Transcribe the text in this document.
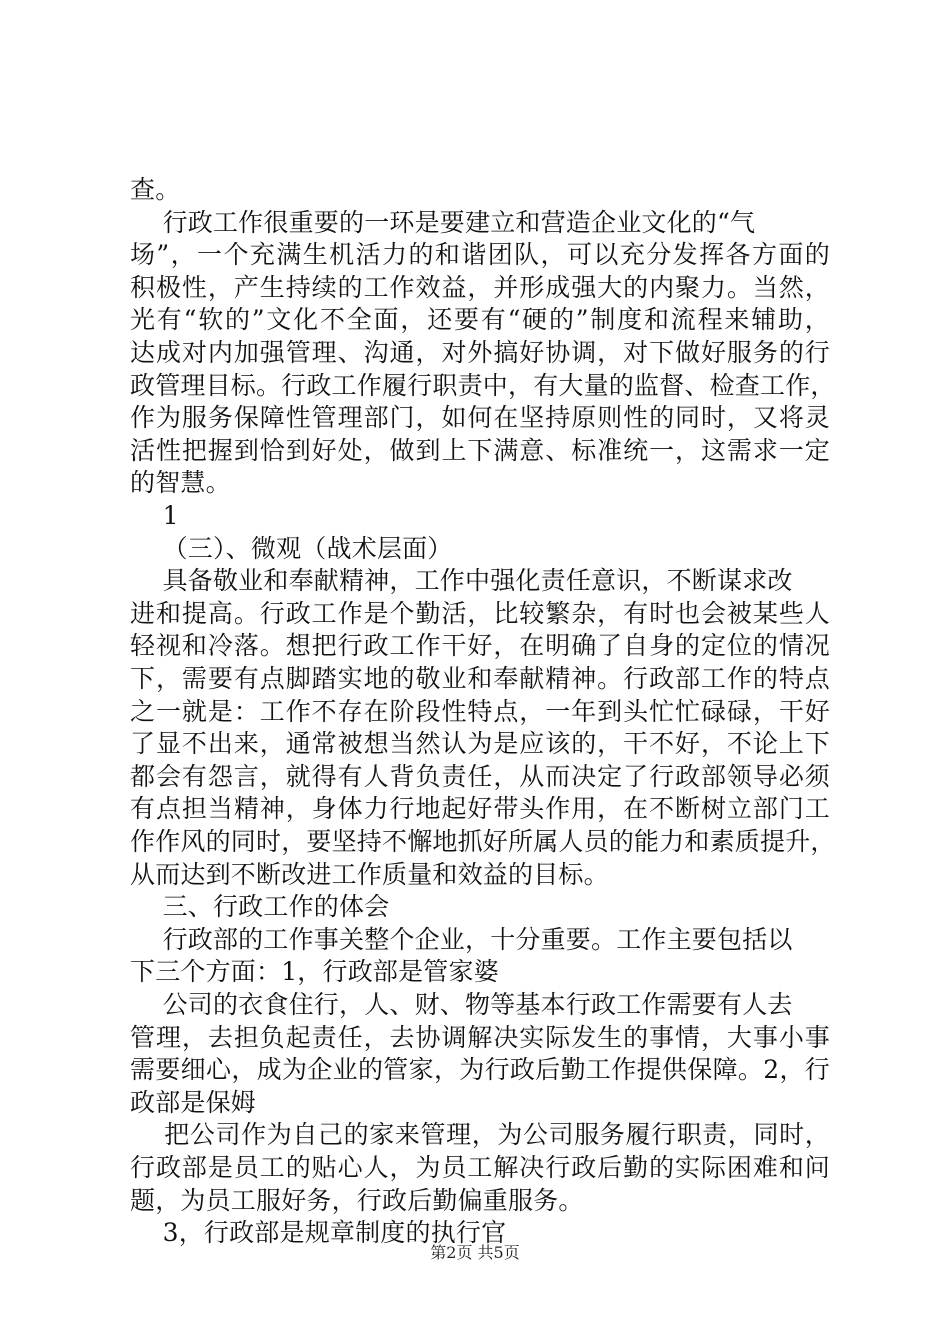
查。
行政工作很重要的一环是要建立和营造企业文化的“气
场”，一个充满生机活力的和谐团队，可以充分发挥各方面的
积极性，产生持续的工作效益，并形成强大的内聚力。当然，
光有“软的”文化不全面，还要有“硬的”制度和流程来辅助，
达成对内加强管理、沟通，对外搞好协调，对下做好服务的行
政管理目标。行政工作履行职责中，有大量的监督、检查工作，
作为服务保障性管理部门，如何在坚持原则性的同时，又将灵
活性把握到恰到好处，做到上下满意、标准统一，这需求一定
的智慧。
1
（三）、微观（战术层面）
具备敬业和奉献精神，工作中强化责任意识，不断谋求改
进和提高。行政工作是个勤活，比较繁杂，有时也会被某些人
轻视和冷落。想把行政工作干好，在明确了自身的定位的情况
下，需要有点脚踏实地的敬业和奉献精神。行政部工作的特点
之一就是：工作不存在阶段性特点，一年到头忙忙碌碌，干好
了显不出来，通常被想当然认为是应该的，干不好，不论上下
都会有怨言，就得有人背负责任，从而决定了行政部领导必须
有点担当精神，身体力行地起好带头作用，在不断树立部门工
作作风的同时，要坚持不懈地抓好所属人员的能力和素质提升，
从而达到不断改进工作质量和效益的目标。
三、行政工作的体会
行政部的工作事关整个企业，十分重要。工作主要包括以
下三个方面：1，行政部是管家婆
公司的衣食住行，人、财、物等基本行政工作需要有人去
管理，去担负起责任，去协调解决实际发生的事情，大事小事
需要细心，成为企业的管家，为行政后勤工作提供保障。2，行
政部是保姆
把公司作为自己的家来管理，为公司服务履行职责，同时，
行政部是员工的贴心人，为员工解决行政后勤的实际困难和问
题，为员工服好务，行政后勤偏重服务。
3，行政部是规章制度的执行官
第2页 共5页
